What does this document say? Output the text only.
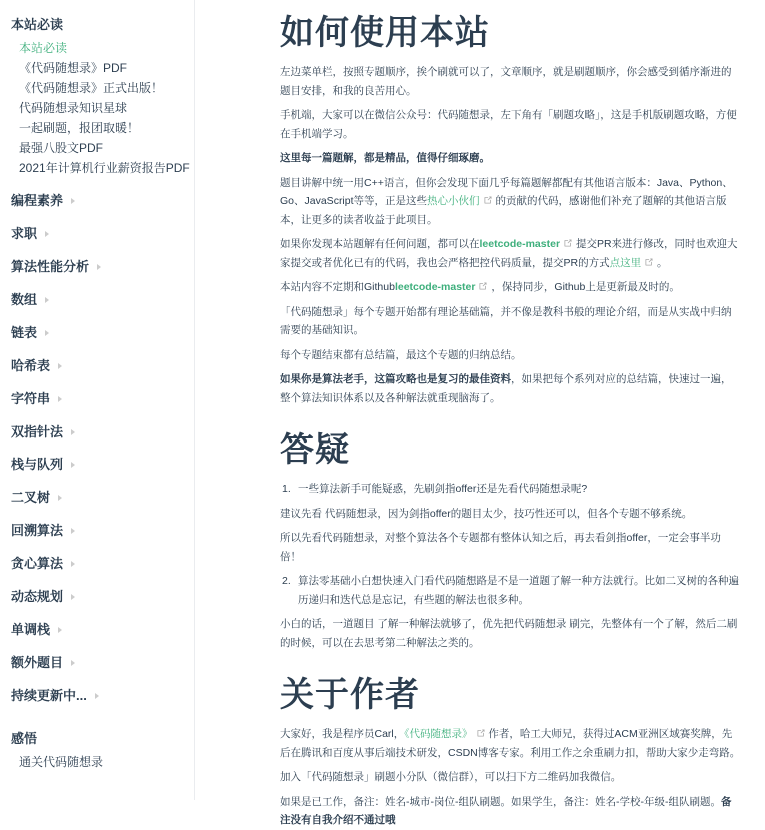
本站必读

本站必读
《代码随想录》PDF
《代码随想录》正式出版！
代码随想录知识星球
一起刷题，报团取暖！
最强八股文PDF
2021年计算机行业薪资报告PDF
编程素养
求职
算法性能分析
数组
链表
哈希表
字符串
双指针法
栈与队列
二叉树
回溯算法
贪心算法
动态规划
单调栈
额外题目
持续更新中...

感悟

通关代码随想录
如何使用本站

左边菜单栏，按照专题顺序，挨个刷就可以了，文章顺序，就是刷题顺序，你会感受到循序渐进的题目安排，和我的良苦用心。

手机端，大家可以在微信公众号：代码随想录，左下角有「刷题攻略」，这是手机版刷题攻略，方便在手机端学习。

这里每一篇题解，都是精品，值得仔细琢磨。

题目讲解中统一用C++语言，但你会发现下面几乎每篇题解都配有其他语言版本：Java、Python、Go、JavaScript等等，正是这些热心小伙们 的贡献的代码，感谢他们补充了题解的其他语言版本，让更多的读者收益于此项目。

如果你发现本站题解有任何问题，都可以在leetcode-master 提交PR来进行修改，同时也欢迎大家提交或者优化已有的代码，我也会严格把控代码质量，提交PR的方式点这里 。

本站内容不定期和Githubleetcode-master ，保持同步，Github上是更新最及时的。

「代码随想录」每个专题开始都有理论基础篇，并不像是教科书般的理论介绍，而是从实战中归纳需要的基础知识。

每个专题结束都有总结篇，最这个专题的归纳总结。

如果你是算法老手，这篇攻略也是复习的最佳资料，如果把每个系列对应的总结篇，快速过一遍，整个算法知识体系以及各种解法就重现脑海了。

答疑
1. 一些算法新手可能疑惑，先刷剑指offer还是先看代码随想录呢?

建议先看 代码随想录，因为剑指offer的题目太少，技巧性还可以，但各个专题不够系统。

所以先看代码随想录，对整个算法各个专题都有整体认知之后，再去看剑指offer，一定会事半功倍！

2. 算法零基础小白想快速入门看代码随想路是不是一道题了解一种方法就行。比如二叉树的各种遍历递归和迭代总是忘记，有些题的解法也很多种。

小白的话，一道题目 了解一种解法就够了，优先把代码随想录 刷完，先整体有一个了解，然后二刷的时候，可以在去思考第二种解法之类的。

关于作者

大家好，我是程序员Carl，《代码随想录》 作者，哈工大师兄，获得过ACM亚洲区域赛奖牌，先后在腾讯和百度从事后端技术研发，CSDN博客专家。利用工作之余重刷力扣，帮助大家少走弯路。

加入「代码随想录」刷题小分队（微信群），可以扫下方二维码加我微信。

如果是已工作，备注：姓名-城市-岗位-组队刷题。如果学生，备注：姓名-学校-年级-组队刷题。备注没有自我介绍不通过哦
